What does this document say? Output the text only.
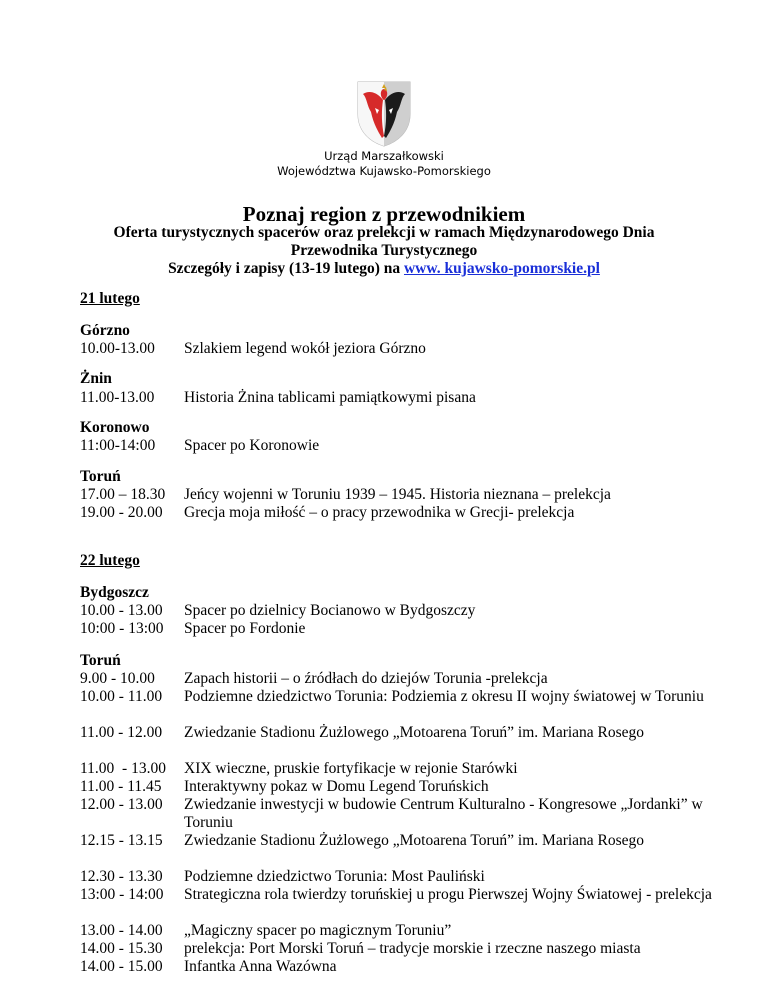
Urząd Marszałkowski
Województwa Kujawsko-Pomorskiego
Poznaj region z przewodnikiem
Oferta turystycznych spacerów oraz prelekcji w ramach Międzynarodowego Dnia
Przewodnika Turystycznego
Szczegóły i zapisy (13-19 lutego) na www. kujawsko-pomorskie.pl
21 lutego
Górzno
10.00-13.00 Szlakiem legend wokół jeziora Górzno
Żnin
11.00-13.00 Historia Żnina tablicami pamiątkowymi pisana
Koronowo
11:00-14:00 Spacer po Koronowie
Toruń
17.00 – 18.30 Jeńcy wojenni w Toruniu 1939 – 1945. Historia nieznana – prelekcja
19.00 - 20.00 Grecja moja miłość – o pracy przewodnika w Grecji- prelekcja
22 lutego
Bydgoszcz
10.00 - 13.00 Spacer po dzielnicy Bocianowo w Bydgoszczy
10:00 - 13:00 Spacer po Fordonie
Toruń
9.00 - 10.00 Zapach historii – o źródłach do dziejów Torunia -prelekcja
10.00 - 11.00 Podziemne dziedzictwo Torunia: Podziemia z okresu II wojny światowej w Toruniu
11.00 - 12.00 Zwiedzanie Stadionu Żużlowego „Motoarena Toruń” im. Mariana Rosego
11.00  - 13.00 XIX wieczne, pruskie fortyfikacje w rejonie Starówki
11.00 - 11.45 Interaktywny pokaz w Domu Legend Toruńskich
12.00 - 13.00 Zwiedzanie inwestycji w budowie Centrum Kulturalno - Kongresowe „Jordanki” w Toruniu
12.15 - 13.15 Zwiedzanie Stadionu Żużlowego „Motoarena Toruń” im. Mariana Rosego
12.30 - 13.30 Podziemne dziedzictwo Torunia: Most Pauliński
13:00 - 14:00 Strategiczna rola twierdzy toruńskiej u progu Pierwszej Wojny Światowej - prelekcja
13.00 - 14.00 „Magiczny spacer po magicznym Toruniu”
14.00 - 15.30 prelekcja: Port Morski Toruń – tradycje morskie i rzeczne naszego miasta
14.00 - 15.00 Infantka Anna Wazówna
